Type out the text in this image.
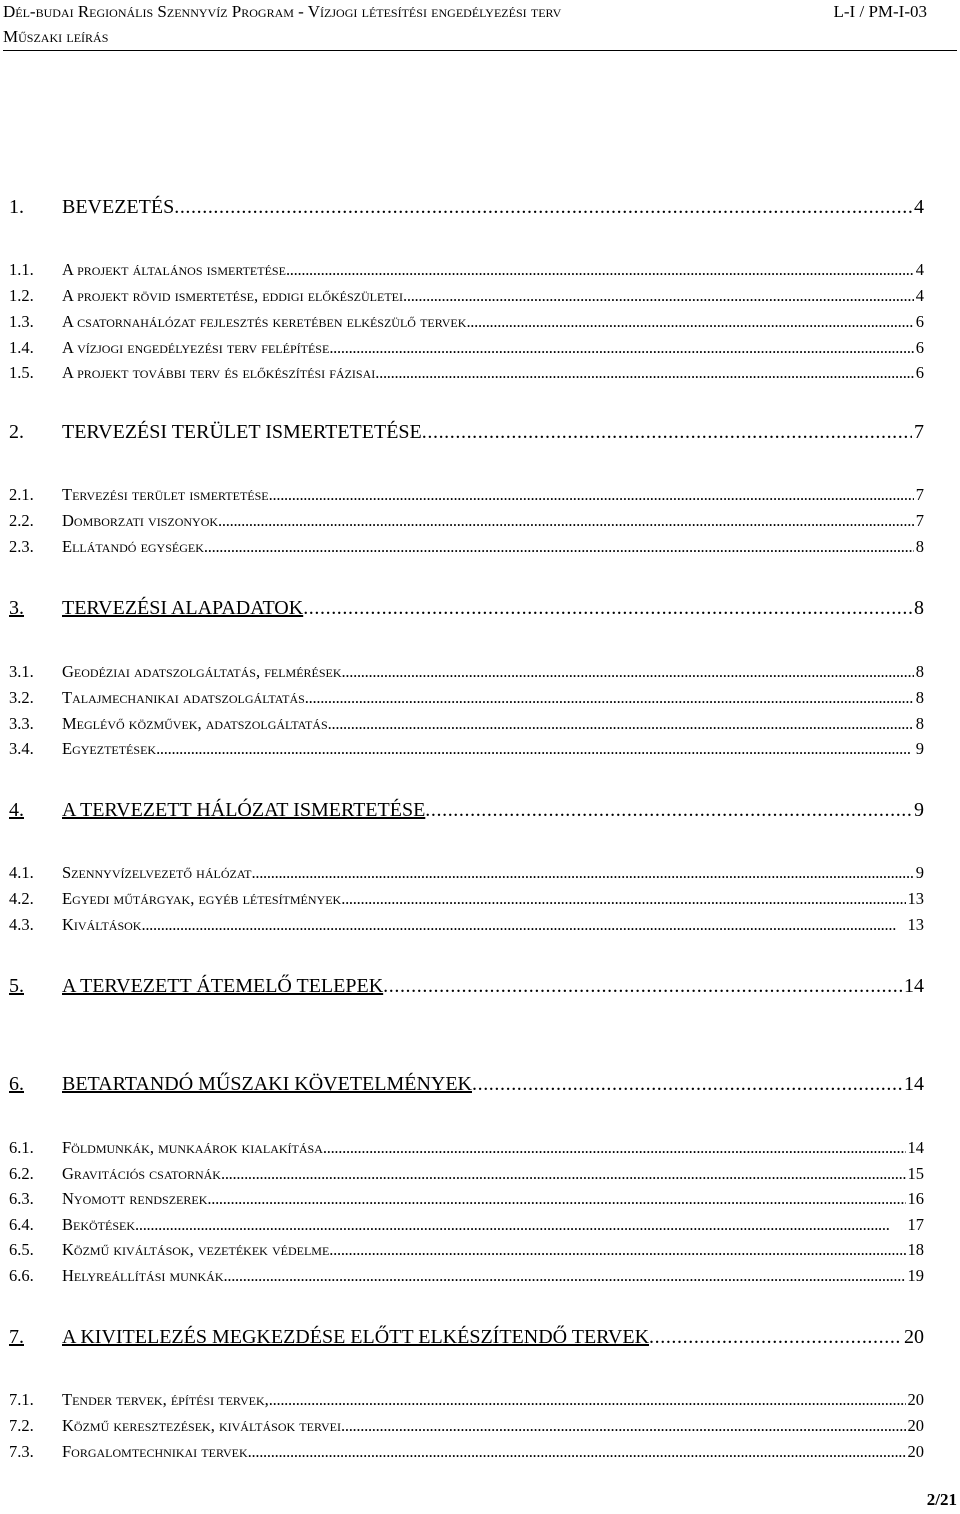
Dél-budai Regionális Szennyvíz Program - Vízjogi létesítési engedélyezési terv	L-I / PM-I-03
Műszaki leírás
1.	BEVEZETÉS . . .	4
1.1.	A projekt általános ismertetése . . .	4
1.2.	A projekt rövid ismertetése, eddigi előkészületei . . .	4
1.3.	A csatornahálózat fejlesztés keretében elkészülő tervek . . .	6
1.4.	A vízjogi engedélyezési terv felépítése . . .	6
1.5.	A projekt további terv és előkészítési fázisai . . .	6
2.	TERVEZÉSI TERÜLET ISMERTETETÉSE . . .	7
2.1.	Tervezési terület ismertetése . . .	7
2.2.	Domborzati viszonyok . . .	7
2.3.	Ellátandó egységek . . .	8
3.	TERVEZÉSI ALAPADATOK . . .	8
3.1.	Geodéziai adatszolgáltatás, felmérések . . .	8
3.2.	Talajmechanikai adatszolgáltatás . . .	8
3.3.	Meglévő közművek, adatszolgáltatás . . .	8
3.4.	Egyeztetések . . .	9
4.	A TERVEZETT HÁLÓZAT ISMERTETÉSE . . .	9
4.1.	Szennyvízelvezető hálózat . . .	9
4.2.	Egyedi műtárgyak, egyéb létesítmények . . .	13
4.3.	Kiváltások . . .	13
5.	A TERVEZETT ÁTEMELŐ TELEPEK . . .	14
6.	BETARTANDÓ MŰSZAKI KÖVETELMÉNYEK . . .	14
6.1.	Földmunkák, munkaárok kialakítása . . .	14
6.2.	Gravitációs csatornák . . .	15
6.3.	Nyomott rendszerek . . .	16
6.4.	Bekötések . . .	17
6.5.	Közmű kiváltások, vezetékek védelme . . .	18
6.6.	Helyreállítási munkák . . .	19
7.	A KIVITELEZÉS MEGKEZDÉSE ELŐTT ELKÉSZÍTENDŐ TERVEK . . .	20
7.1.	Tender tervek, építési tervek, . . .	20
7.2.	Közmű keresztezések, kiváltások tervei . . .	20
7.3.	Forgalomtechnikai tervek . . .	20
2/21
